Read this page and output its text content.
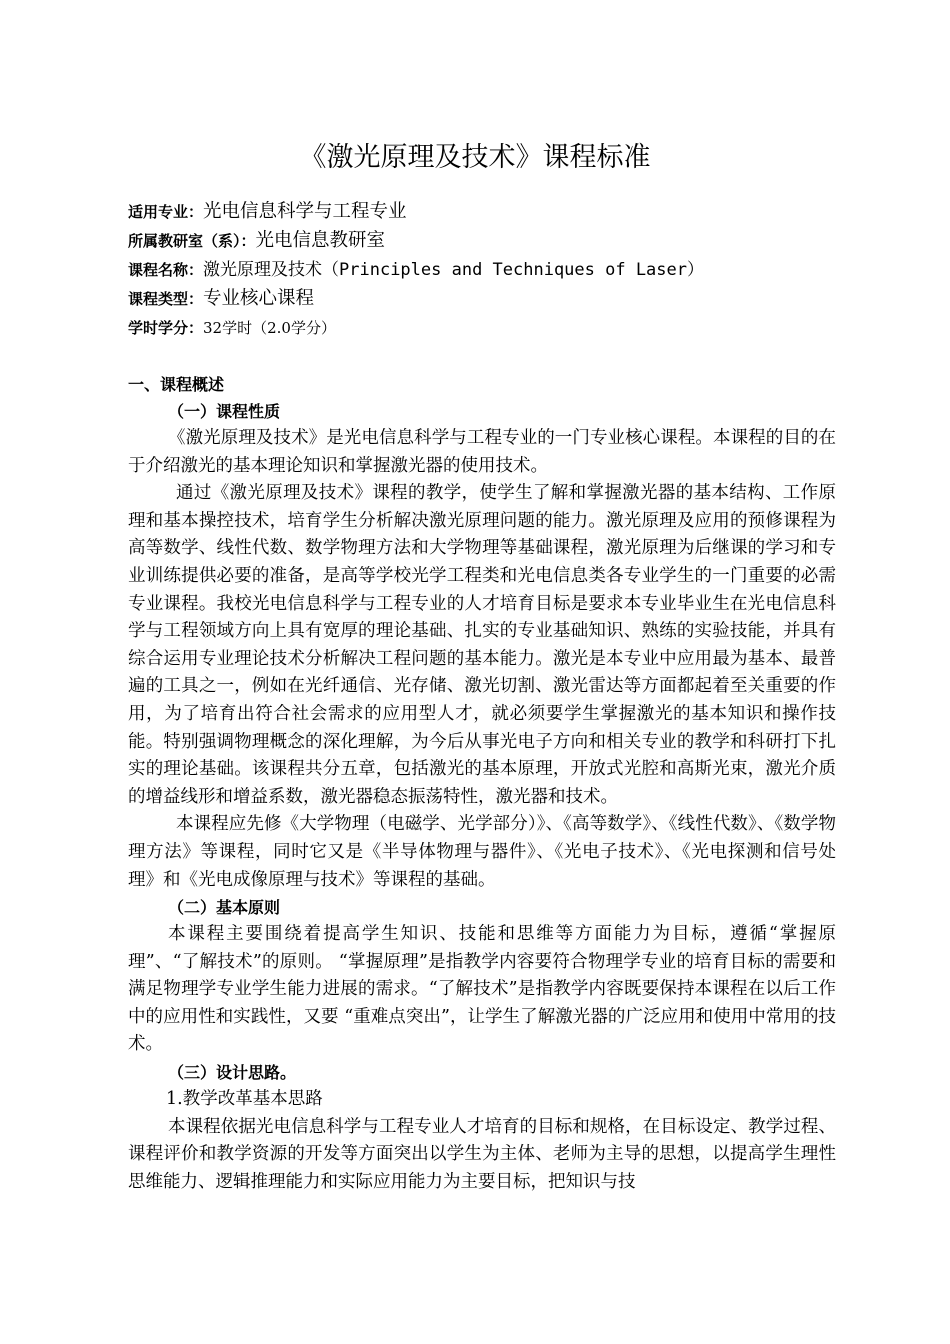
《激光原理及技术》课程标准
适用专业：光电信息科学与工程专业
所属教研室（系）：光电信息教研室
课程名称：激光原理及技术（Principles and Techniques of Laser）
课程类型：专业核心课程
学时学分：32学时（2.0学分）
一、课程概述
（一）课程性质

《激光原理及技术》是光电信息科学与工程专业的一门专业核心课程。本课程的目的在于介绍激光的基本理论知识和掌握激光器的使用技术。

通过《激光原理及技术》课程的教学，使学生了解和掌握激光器的基本结构、工作原理和基本操控技术，培育学生分析解决激光原理问题的能力。激光原理及应用的预修课程为高等数学、线性代数、数学物理方法和大学物理等基础课程，激光原理为后继课的学习和专业训练提供必要的准备，是高等学校光学工程类和光电信息类各专业学生的一门重要的必需专业课程。我校光电信息科学与工程专业的人才培育目标是要求本专业毕业生在光电信息科学与工程领域方向上具有宽厚的理论基础、扎实的专业基础知识、熟练的实验技能，并具有综合运用专业理论技术分析解决工程问题的基本能力。激光是本专业中应用最为基本、最普遍的工具之一，例如在光纤通信、光存储、激光切割、激光雷达等方面都起着至关重要的作用，为了培育出符合社会需求的应用型人才，就必须要学生掌握激光的基本知识和操作技能。特别强调物理概念的深化理解，为今后从事光电子方向和相关专业的教学和科研打下扎实的理论基础。该课程共分五章，包括激光的基本原理，开放式光腔和高斯光束，激光介质的增益线形和增益系数，激光器稳态振荡特性，激光器和技术。

本课程应先修《大学物理（电磁学、光学部分）》、《高等数学》、《线性代数》、《数学物理方法》等课程，同时它又是《半导体物理与器件》、《光电子技术》、《光电探测和信号处理》和《光电成像原理与技术》等课程的基础。

（二）基本原则

本课程主要围绕着提高学生知识、技能和思维等方面能力为目标，遵循“掌握原理”、“了解技术”的原则。 “掌握原理”是指教学内容要符合物理学专业的培育目标的需要和满足物理学专业学生能力进展的需求。“了解技术”是指教学内容既要保持本课程在以后工作中的应用性和实践性，又要 “重难点突出”，让学生了解激光器的广泛应用和使用中常用的技术。

（三）设计思路。
1.教学改革基本思路

本课程依据光电信息科学与工程专业人才培育的目标和规格，在目标设定、教学过程、课程评价和教学资源的开发等方面突出以学生为主体、老师为主导的思想，以提高学生理性思维能力、逻辑推理能力和实际应用能力为主要目标，把知识与技
